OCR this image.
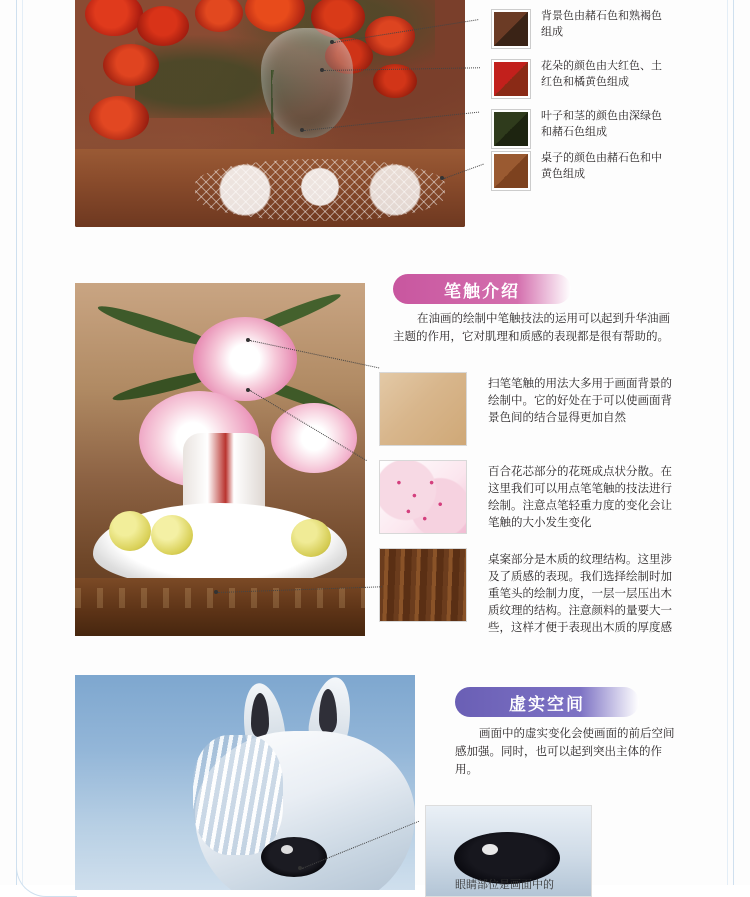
背景色由赭石色和熟褐色组成
花朵的颜色由大红色、土红色和橘黄色组成
叶子和茎的颜色由深绿色和赭石色组成
桌子的颜色由赭石色和中黄色组成
笔触介绍
在油画的绘制中笔触技法的运用可以起到升华油画主题的作用，它对肌理和质感的表现都是很有帮助的。
扫笔笔触的用法大多用于画面背景的绘制中。它的好处在于可以使画面背景色间的结合显得更加自然
百合花芯部分的花斑成点状分散。在这里我们可以用点笔笔触的技法进行绘制。注意点笔轻重力度的变化会让笔触的大小发生变化
桌案部分是木质的纹理结构。这里涉及了质感的表现。我们选择绘制时加重笔头的绘制力度，一层一层压出木质纹理的结构。注意颜料的量要大一些，这样才便于表现出木质的厚度感
虚实空间
画面中的虚实变化会使画面的前后空间感加强。同时，也可以起到突出主体的作用。
眼睛部位是画面中的
